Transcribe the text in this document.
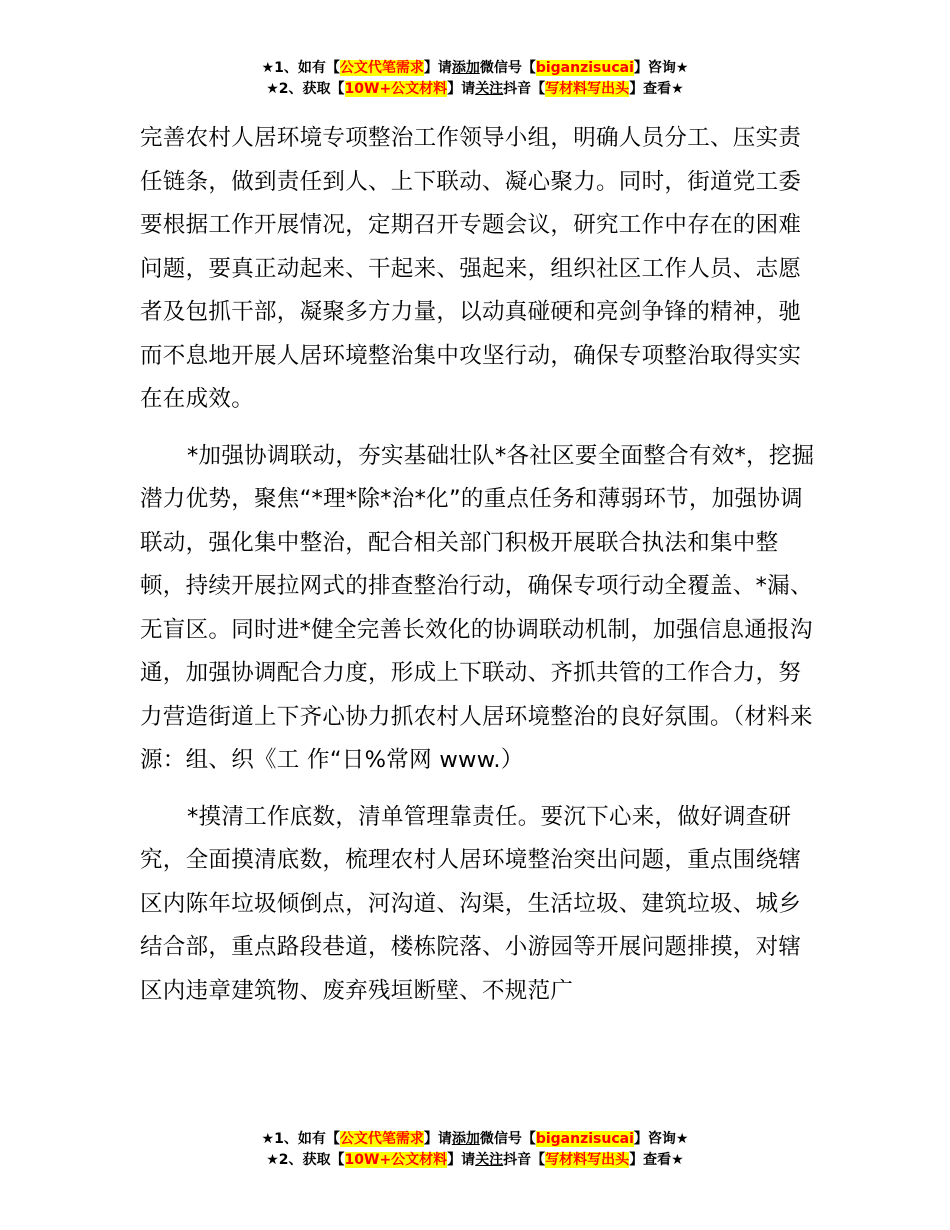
★1、如有【公文代笔需求】请添加微信号【biganzisucai】咨询★
★2、获取【10W+公文材料】请关注抖音【写材料写出头】查看★

完善农村人居环境专项整治工作领导小组，明确人员分工、压实责任链条，做到责任到人、上下联动、凝心聚力。同时，街道党工委要根据工作开展情况，定期召开专题会议，研究工作中存在的困难问题，要真正动起来、干起来、强起来，组织社区工作人员、志愿者及包抓干部，凝聚多方力量，以动真碰硬和亮剑争锋的精神，驰而不息地开展人居环境整治集中攻坚行动，确保专项整治取得实实在在成效。

*加强协调联动，夯实基础壮队*各社区要全面整合有效*，挖掘潜力优势，聚焦“*理*除*治*化”的重点任务和薄弱环节，加强协调联动，强化集中整治，配合相关部门积极开展联合执法和集中整顿，持续开展拉网式的排查整治行动，确保专项行动全覆盖、*漏、无盲区。同时进*健全完善长效化的协调联动机制，加强信息通报沟通，加强协调配合力度，形成上下联动、齐抓共管的工作合力，努力营造街道上下齐心协力抓农村人居环境整治的良好氛围。（材料来源：组、织《工 作“日%常网 www.）

*摸清工作底数，清单管理靠责任。要沉下心来，做好调查研究，全面摸清底数，梳理农村人居环境整治突出问题，重点围绕辖区内陈年垃圾倾倒点，河沟道、沟渠，生活垃圾、建筑垃圾、城乡结合部，重点路段巷道，楼栋院落、小游园等开展问题排摸，对辖区内违章建筑物、废弃残垣断壁、不规范广

★1、如有【公文代笔需求】请添加微信号【biganzisucai】咨询★
★2、获取【10W+公文材料】请关注抖音【写材料写出头】查看★
